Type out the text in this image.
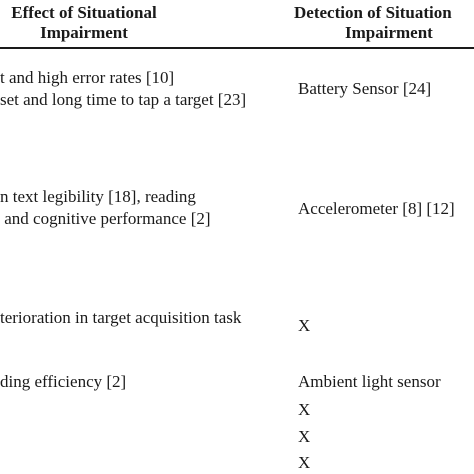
Effect of Situational
Impairment
Detection of Situation
Impairment
t and high error rates [10]
set and long time to tap a target [23]
Battery Sensor [24]
n text legibility [18], reading
and cognitive performance [2]
Accelerometer [8] [12]
terioration in target acquisition task	X
ding efficiency [2]	Ambient light sensor
X
X
X
